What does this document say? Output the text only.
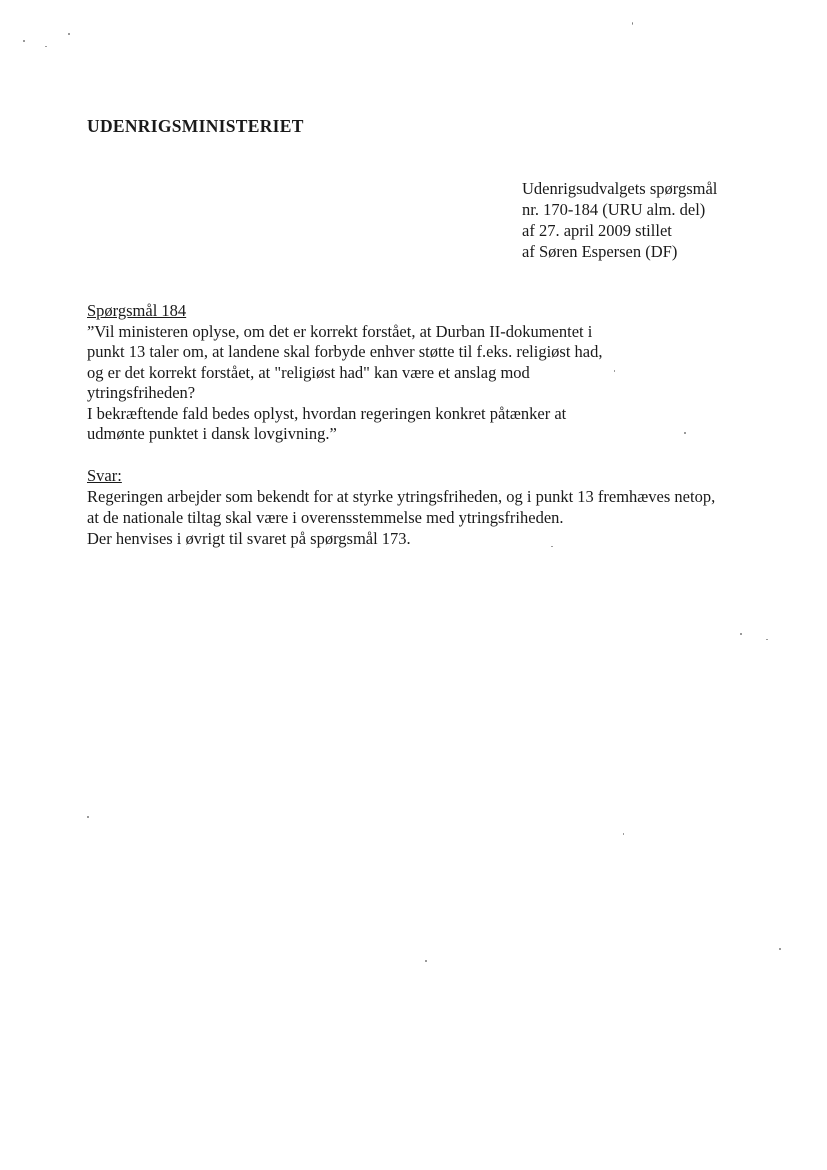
UDENRIGSMINISTERIET
Udenrigsudvalgets spørgsmål
nr. 170-184 (URU alm. del)
af 27. april 2009 stillet
af Søren Espersen (DF)
Spørgsmål 184
”Vil ministeren oplyse, om det er korrekt forstået, at Durban II-dokumentet i
punkt 13 taler om, at landene skal forbyde enhver støtte til f.eks. religiøst had,
og er det korrekt forstået, at "religiøst had" kan være et anslag mod
ytringsfriheden?
I bekræftende fald bedes oplyst, hvordan regeringen konkret påtænker at
udmønte punktet i dansk lovgivning.”
Svar:
Regeringen arbejder som bekendt for at styrke ytringsfriheden, og i punkt 13 fremhæves netop,
at de nationale tiltag skal være i overensstemmelse med ytringsfriheden.
Der henvises i øvrigt til svaret på spørgsmål 173.
